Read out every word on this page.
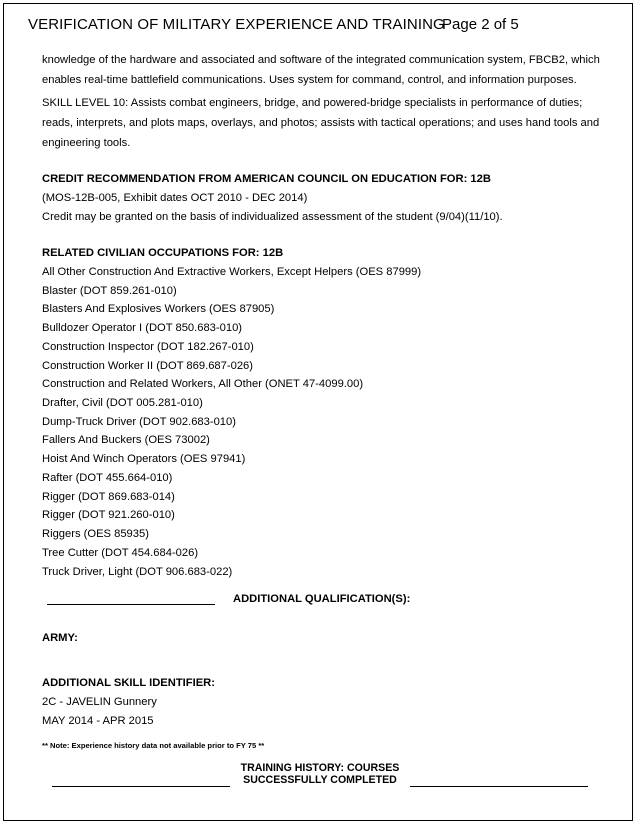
VERIFICATION OF MILITARY EXPERIENCE AND TRAINING
Page 2 of 5

knowledge of the hardware and associated and software of the integrated communication system, FBCB2, which enables real-time battlefield communications. Uses system for command, control, and information purposes.

SKILL LEVEL 10: Assists combat engineers, bridge, and powered-bridge specialists in performance of duties; reads, interprets, and plots maps, overlays, and photos; assists with tactical operations; and uses hand tools and engineering tools.

CREDIT RECOMMENDATION FROM AMERICAN COUNCIL ON EDUCATION FOR: 12B

(MOS-12B-005, Exhibit dates OCT 2010 - DEC 2014)

Credit may be granted on the basis of individualized assessment of the student (9/04)(11/10).

RELATED CIVILIAN OCCUPATIONS FOR: 12B

All Other Construction And Extractive Workers, Except Helpers (OES 87999)

Blaster (DOT 859.261-010)

Blasters And Explosives Workers (OES 87905)

Bulldozer Operator I (DOT 850.683-010)

Construction Inspector (DOT 182.267-010)

Construction Worker II (DOT 869.687-026)

Construction and Related Workers, All Other (ONET 47-4099.00)

Drafter, Civil (DOT 005.281-010)

Dump-Truck Driver (DOT 902.683-010)

Fallers And Buckers (OES 73002)

Hoist And Winch Operators (OES 97941)

Rafter (DOT 455.664-010)

Rigger (DOT 869.683-014)

Rigger (DOT 921.260-010)

Riggers (OES 85935)

Tree Cutter (DOT 454.684-026)

Truck Driver, Light (DOT 906.683-022)

ADDITIONAL QUALIFICATION(S):

ARMY:

ADDITIONAL SKILL IDENTIFIER:

2C - JAVELIN Gunnery

MAY 2014 - APR 2015

** Note: Experience history data not available prior to FY 75 **

TRAINING HISTORY: COURSES
SUCCESSFULLY COMPLETED
